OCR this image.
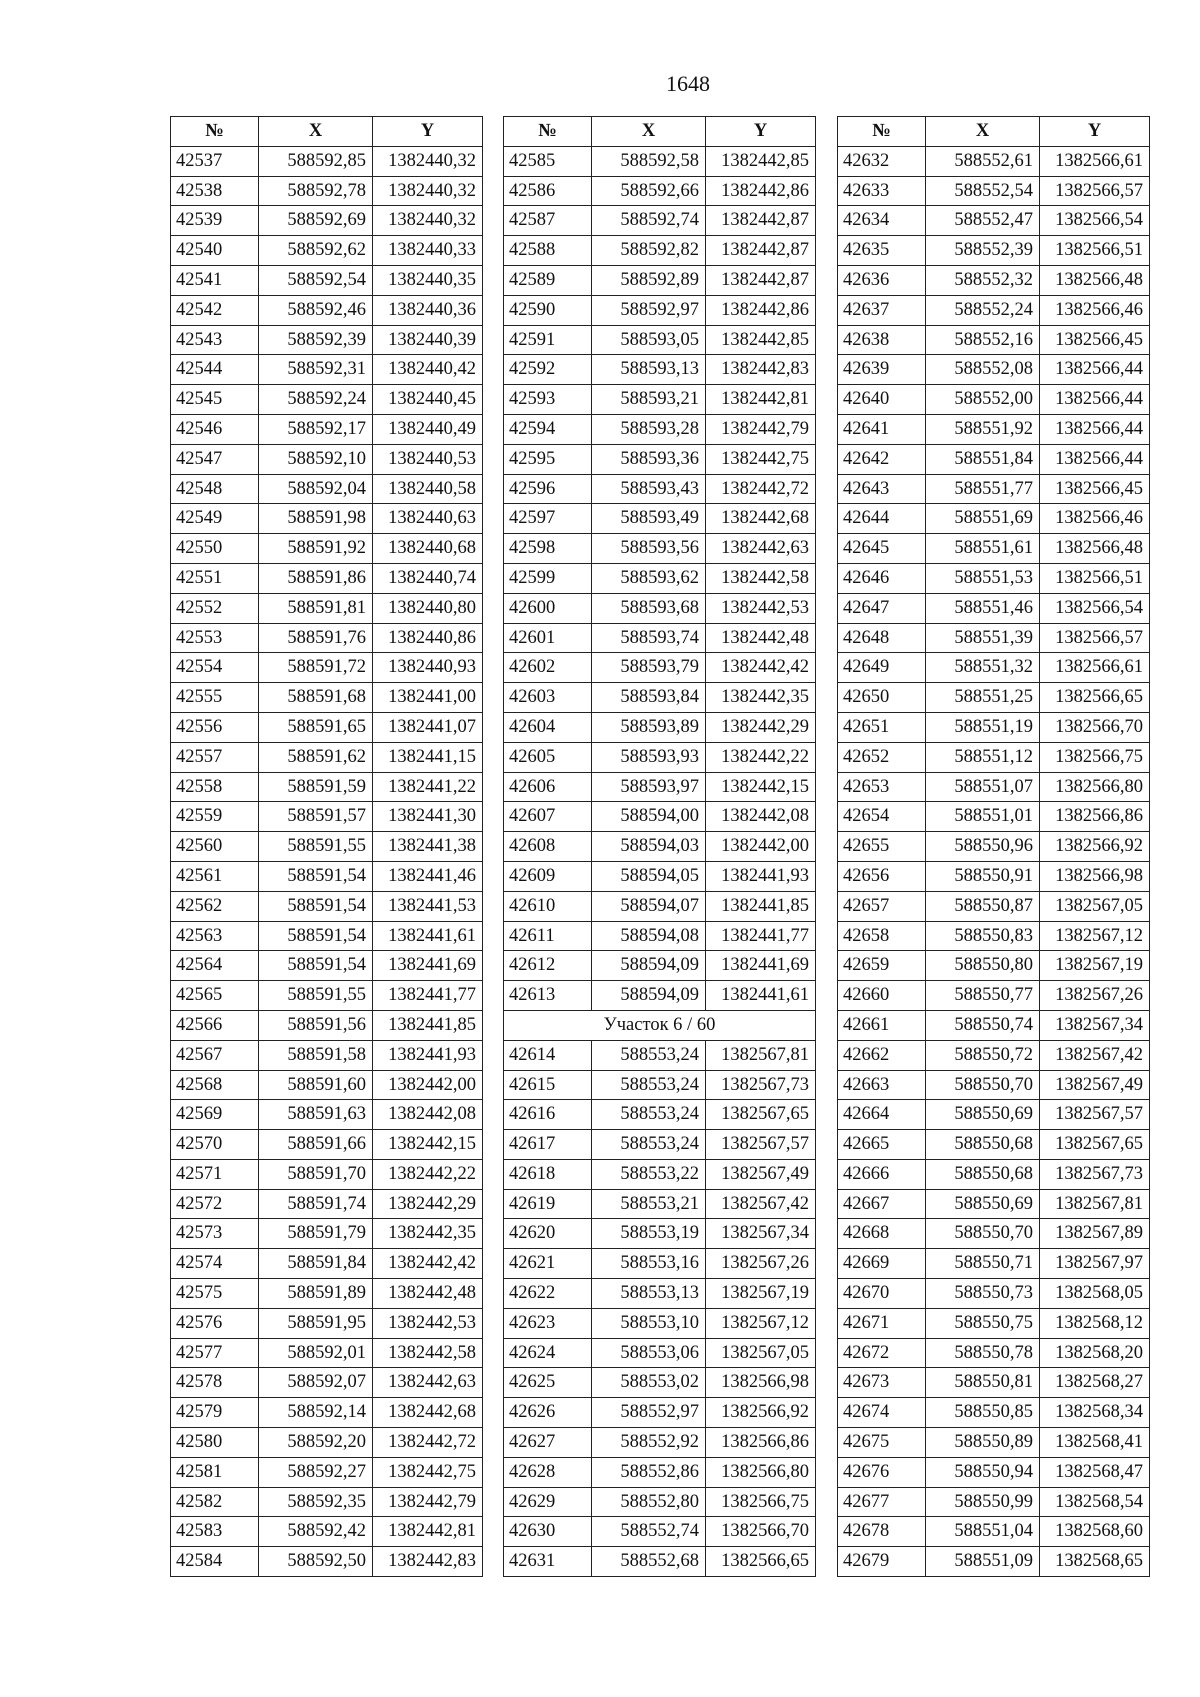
1648
№	X	Y
42537	588592,85	1382440,32
42538	588592,78	1382440,32
42539	588592,69	1382440,32
42540	588592,62	1382440,33
42541	588592,54	1382440,35
42542	588592,46	1382440,36
42543	588592,39	1382440,39
42544	588592,31	1382440,42
42545	588592,24	1382440,45
42546	588592,17	1382440,49
42547	588592,10	1382440,53
42548	588592,04	1382440,58
42549	588591,98	1382440,63
42550	588591,92	1382440,68
42551	588591,86	1382440,74
42552	588591,81	1382440,80
42553	588591,76	1382440,86
42554	588591,72	1382440,93
42555	588591,68	1382441,00
42556	588591,65	1382441,07
42557	588591,62	1382441,15
42558	588591,59	1382441,22
42559	588591,57	1382441,30
42560	588591,55	1382441,38
42561	588591,54	1382441,46
42562	588591,54	1382441,53
42563	588591,54	1382441,61
42564	588591,54	1382441,69
42565	588591,55	1382441,77
42566	588591,56	1382441,85
42567	588591,58	1382441,93
42568	588591,60	1382442,00
42569	588591,63	1382442,08
42570	588591,66	1382442,15
42571	588591,70	1382442,22
42572	588591,74	1382442,29
42573	588591,79	1382442,35
42574	588591,84	1382442,42
42575	588591,89	1382442,48
42576	588591,95	1382442,53
42577	588592,01	1382442,58
42578	588592,07	1382442,63
42579	588592,14	1382442,68
42580	588592,20	1382442,72
42581	588592,27	1382442,75
42582	588592,35	1382442,79
42583	588592,42	1382442,81
42584	588592,50	1382442,83
№	X	Y
42585	588592,58	1382442,85
42586	588592,66	1382442,86
42587	588592,74	1382442,87
42588	588592,82	1382442,87
42589	588592,89	1382442,87
42590	588592,97	1382442,86
42591	588593,05	1382442,85
42592	588593,13	1382442,83
42593	588593,21	1382442,81
42594	588593,28	1382442,79
42595	588593,36	1382442,75
42596	588593,43	1382442,72
42597	588593,49	1382442,68
42598	588593,56	1382442,63
42599	588593,62	1382442,58
42600	588593,68	1382442,53
42601	588593,74	1382442,48
42602	588593,79	1382442,42
42603	588593,84	1382442,35
42604	588593,89	1382442,29
42605	588593,93	1382442,22
42606	588593,97	1382442,15
42607	588594,00	1382442,08
42608	588594,03	1382442,00
42609	588594,05	1382441,93
42610	588594,07	1382441,85
42611	588594,08	1382441,77
42612	588594,09	1382441,69
42613	588594,09	1382441,61
Участок 6 / 60		
42614	588553,24	1382567,81
42615	588553,24	1382567,73
42616	588553,24	1382567,65
42617	588553,24	1382567,57
42618	588553,22	1382567,49
42619	588553,21	1382567,42
42620	588553,19	1382567,34
42621	588553,16	1382567,26
42622	588553,13	1382567,19
42623	588553,10	1382567,12
42624	588553,06	1382567,05
42625	588553,02	1382566,98
42626	588552,97	1382566,92
42627	588552,92	1382566,86
42628	588552,86	1382566,80
42629	588552,80	1382566,75
42630	588552,74	1382566,70
42631	588552,68	1382566,65
№	X	Y
42632	588552,61	1382566,61
42633	588552,54	1382566,57
42634	588552,47	1382566,54
42635	588552,39	1382566,51
42636	588552,32	1382566,48
42637	588552,24	1382566,46
42638	588552,16	1382566,45
42639	588552,08	1382566,44
42640	588552,00	1382566,44
42641	588551,92	1382566,44
42642	588551,84	1382566,44
42643	588551,77	1382566,45
42644	588551,69	1382566,46
42645	588551,61	1382566,48
42646	588551,53	1382566,51
42647	588551,46	1382566,54
42648	588551,39	1382566,57
42649	588551,32	1382566,61
42650	588551,25	1382566,65
42651	588551,19	1382566,70
42652	588551,12	1382566,75
42653	588551,07	1382566,80
42654	588551,01	1382566,86
42655	588550,96	1382566,92
42656	588550,91	1382566,98
42657	588550,87	1382567,05
42658	588550,83	1382567,12
42659	588550,80	1382567,19
42660	588550,77	1382567,26
42661	588550,74	1382567,34
42662	588550,72	1382567,42
42663	588550,70	1382567,49
42664	588550,69	1382567,57
42665	588550,68	1382567,65
42666	588550,68	1382567,73
42667	588550,69	1382567,81
42668	588550,70	1382567,89
42669	588550,71	1382567,97
42670	588550,73	1382568,05
42671	588550,75	1382568,12
42672	588550,78	1382568,20
42673	588550,81	1382568,27
42674	588550,85	1382568,34
42675	588550,89	1382568,41
42676	588550,94	1382568,47
42677	588550,99	1382568,54
42678	588551,04	1382568,60
42679	588551,09	1382568,65
